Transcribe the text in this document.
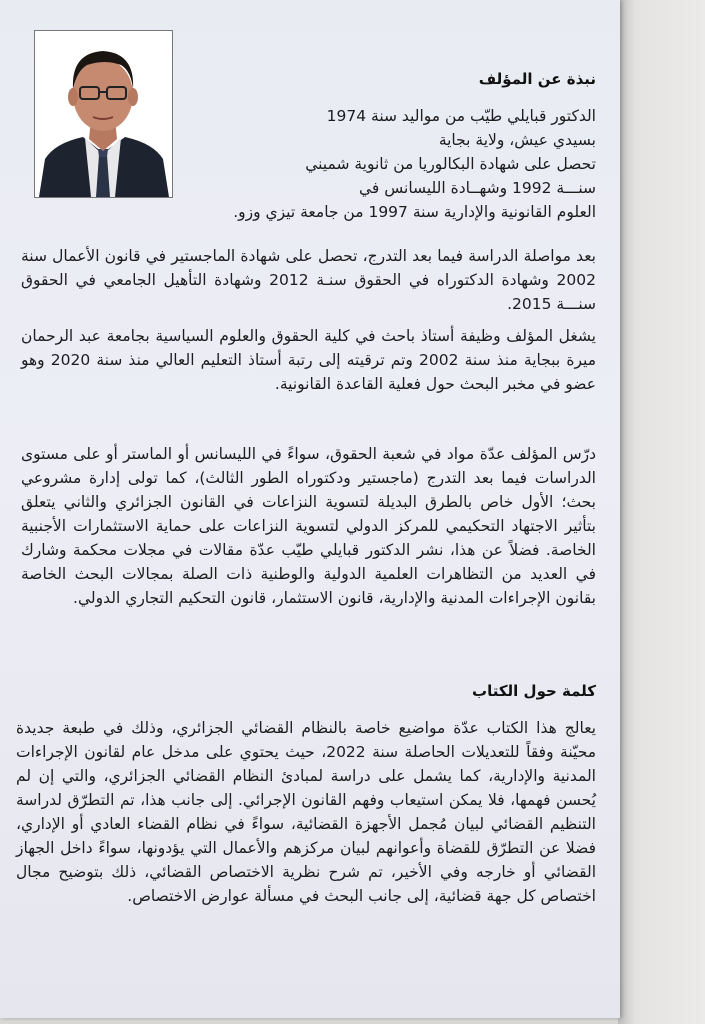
نبذة عن المؤلف
الدكتور قبايلي طيّب من مواليد سنة 1974
بسيدي عيش، ولاية بجاية
تحصل على شهادة البكالوريا من ثانوية شميني
سنـــة 1992 وشهــادة الليسانس في
العلوم القانونية والإدارية سنة 1997 من جامعة تيزي وزو.
بعد مواصلة الدراسة فيما بعد التدرج، تحصل على شهادة الماجستير في قانون الأعمال سنة 2002 وشهادة الدكتوراه في الحقوق سنـة 2012 وشهادة التأهيل الجامعي في الحقوق سنـــة 2015.
يشغل المؤلف وظيفة أستاذ باحث في كلية الحقوق والعلوم السياسية بجامعة عبد الرحمان ميرة ببجاية منذ سنة 2002 وتم ترقيته إلى رتبة أستاذ التعليم العالي منذ سنة 2020 وهو عضو في مخبر البحث حول فعلية القاعدة القانونية.
درّس المؤلف عدّة مواد في شعبة الحقوق، سواءً في الليسانس أو الماستر أو على مستوى الدراسات فيما بعد التدرج (ماجستير ودكتوراه الطور الثالث)، كما تولى إدارة مشروعي بحث؛ الأول خاص بالطرق البديلة لتسوية النزاعات في القانون الجزائري والثاني يتعلق بتأثير الاجتهاد التحكيمي للمركز الدولي لتسوية النزاعات على حماية الاستثمارات الأجنبية الخاصة. فضلاً عن هذا، نشر الدكتور قبايلي طيّب عدّة مقالات في مجلات محكمة وشارك في العديد من التظاهرات العلمية الدولية والوطنية ذات الصلة بمجالات البحث الخاصة بقانون الإجراءات المدنية والإدارية، قانون الاستثمار، قانون التحكيم التجاري الدولي.
كلمة حول الكتاب
يعالج هذا الكتاب عدّة مواضيع خاصة بالنظام القضائي الجزائري، وذلك في طبعة جديدة محيّنة وفقاً للتعديلات الحاصلة سنة 2022، حيث يحتوي على مدخل عام لقانون الإجراءات المدنية والإدارية، كما يشمل على دراسة لمبادئ النظام القضائي الجزائري، والتي إن لم يُحسن فهمها، فلا يمكن استيعاب وفهم القانون الإجرائي. إلى جانب هذا، تم التطرّق لدراسة التنظيم القضائي لبيان مُجمل الأجهزة القضائية، سواءً في نظام القضاء العادي أو الإداري، فضلا عن التطرّق للقضاة وأعوانهم لبيان مركزهم والأعمال التي يؤدونها، سواءً داخل الجهاز القضائي أو خارجه وفي الأخير، تم شرح نظرية الاختصاص القضائي، ذلك بتوضيح مجال اختصاص كل جهة قضائية، إلى جانب البحث في مسألة عوارض الاختصاص.
